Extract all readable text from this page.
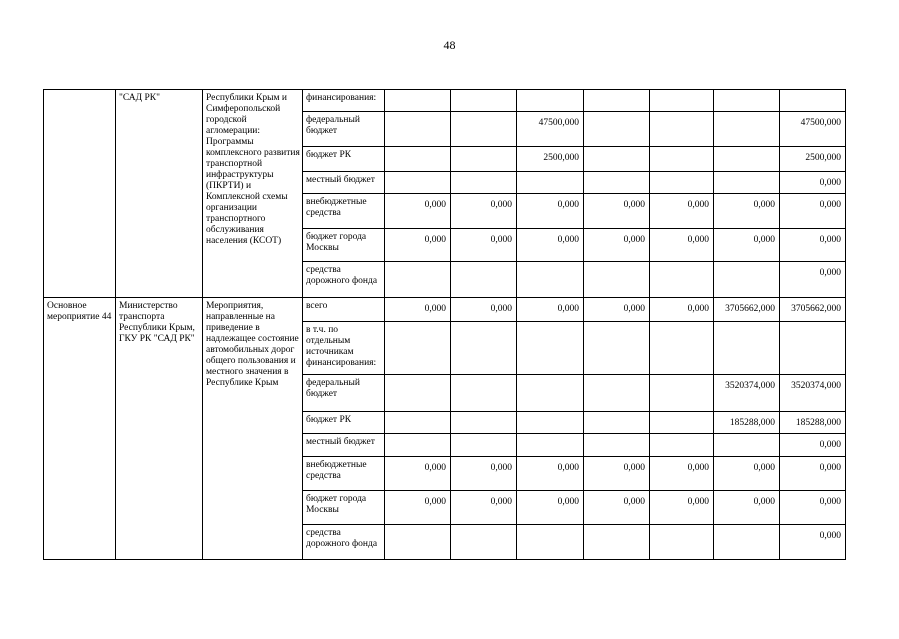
48
	"САД РК"	Республики Крым и Симферопольской городской агломерации: Программы комплексного развития транспортной инфраструктуры (ПКРТИ) и Комплексной схемы организации транспортного обслуживания населения (КСОТ)	финансирования:							
			федеральный бюджет			47500,000				47500,000
			бюджет РК			2500,000				2500,000
			местный бюджет							0,000
			внебюджетные средства	0,000	0,000	0,000	0,000	0,000	0,000	0,000
			бюджет города Москвы	0,000	0,000	0,000	0,000	0,000	0,000	0,000
			средства дорожного фонда							0,000
Основное мероприятие 44	Министерство транспорта Республики Крым, ГКУ РК "САД РК"	Мероприятия, направленные на приведение в надлежащее состояние автомобильных дорог общего пользования и местного значения в Республике Крым	всего	0,000	0,000	0,000	0,000	0,000	3705662,000	3705662,000
			в т.ч. по отдельным источникам финансирования:							
			федеральный бюджет						3520374,000	3520374,000
			бюджет РК						185288,000	185288,000
			местный бюджет							0,000
			внебюджетные средства	0,000	0,000	0,000	0,000	0,000	0,000	0,000
			бюджет города Москвы	0,000	0,000	0,000	0,000	0,000	0,000	0,000
			средства дорожного фонда							0,000
